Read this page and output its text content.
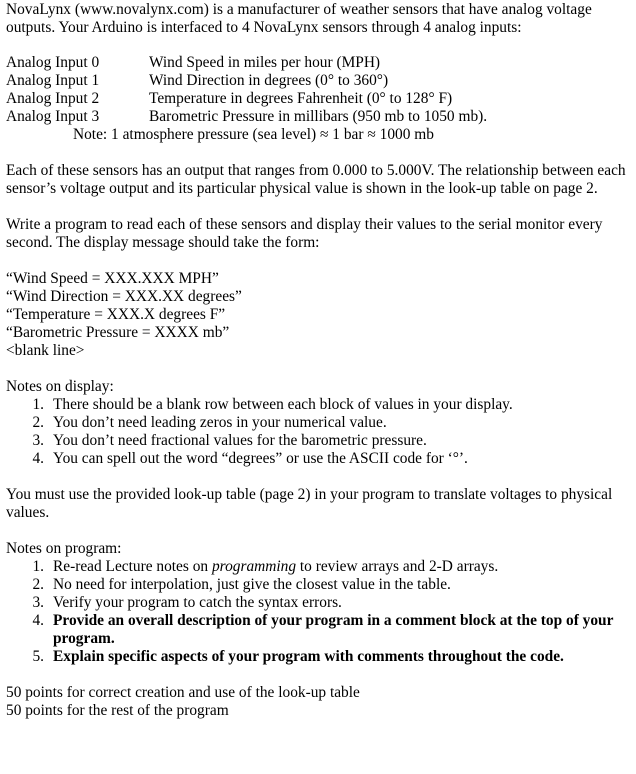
NovaLynx (www.novalynx.com) is a manufacturer of weather sensors that have analog voltage outputs. Your Arduino is interfaced to 4 NovaLynx sensors through 4 analog inputs:

Analog Input 0	Wind Speed in miles per hour (MPH)
Analog Input 1	Wind Direction in degrees (0° to 360°)
Analog Input 2	Temperature in degrees Fahrenheit (0° to 128° F)
Analog Input 3	Barometric Pressure in millibars (950 mb to 1050 mb).

Note: 1 atmosphere pressure (sea level) ≈ 1 bar ≈ 1000 mb

Each of these sensors has an output that ranges from 0.000 to 5.000V. The relationship between each sensor’s voltage output and its particular physical value is shown in the look-up table on page 2.

Write a program to read each of these sensors and display their values to the serial monitor every second. The display message should take the form:

“Wind Speed = XXX.XXX MPH”

“Wind Direction = XXX.XX degrees”

“Temperature = XXX.X degrees F”

“Barometric Pressure = XXXX mb”

<blank line>

Notes on display:

1. There should be a blank row between each block of values in your display.
2. You don’t need leading zeros in your numerical value.
3. You don’t need fractional values for the barometric pressure.
4. You can spell out the word “degrees” or use the ASCII code for ‘°’.

You must use the provided look-up table (page 2) in your program to translate voltages to physical values.

Notes on program:

1. Re-read Lecture notes on programming to review arrays and 2-D arrays.
2. No need for interpolation, just give the closest value in the table.
3. Verify your program to catch the syntax errors.
4. Provide an overall description of your program in a comment block at the top of your program.
5. Explain specific aspects of your program with comments throughout the code.

50 points for correct creation and use of the look-up table

50 points for the rest of the program
